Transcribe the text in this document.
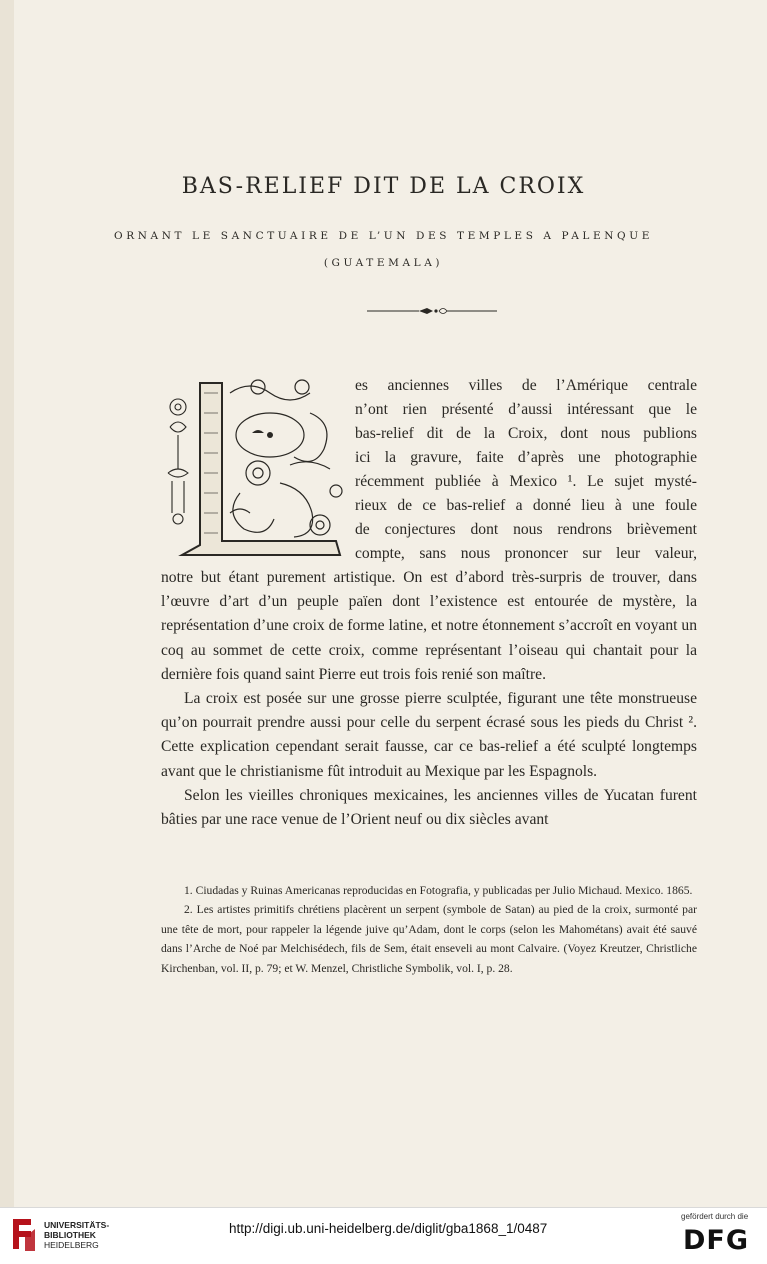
BAS-RELIEF DIT DE LA CROIX
ORNANT LE SANCTUAIRE DE L’UN DES TEMPLES A PALENQUE
(GUATEMALA)
es anciennes villes de l’Amérique centrale
n’ont rien présenté d’aussi intéressant que le
bas-relief dit de la Croix, dont nous publions
ici la gravure, faite d’après une photographie
récemment publiée à Mexico ¹. Le sujet mysté-
rieux de ce bas-relief a donné lieu à une foule
de conjectures dont nous rendrons brièvement
compte, sans nous prononcer sur leur valeur,

notre but étant purement artistique. On est d’abord très-surpris de trouver, dans l’œuvre d’art d’un peuple païen dont l’existence est entourée de mystère, la représentation d’une croix de forme latine, et notre étonnement s’accroît en voyant un coq au sommet de cette croix, comme représentant l’oiseau qui chantait pour la dernière fois quand saint Pierre eut trois fois renié son maître.

La croix est posée sur une grosse pierre sculptée, figurant une tête monstrueuse qu’on pourrait prendre aussi pour celle du serpent écrasé sous les pieds du Christ ². Cette explication cependant serait fausse, car ce bas-relief a été sculpté longtemps avant que le christianisme fût introduit au Mexique par les Espagnols.

Selon les vieilles chroniques mexicaines, les anciennes villes de Yucatan furent bâties par une race venue de l’Orient neuf ou dix siècles avant

1. Ciudadas y Ruinas Americanas reproducidas en Fotografia, y publicadas per Julio Michaud. Mexico. 1865.

2. Les artistes primitifs chrétiens placèrent un serpent (symbole de Satan) au pied de la croix, surmonté par une tête de mort, pour rappeler la légende juive qu’Adam, dont le corps (selon les Mahométans) avait été sauvé dans l’Arche de Noé par Melchisédech, fils de Sem, était enseveli au mont Calvaire. (Voyez Kreutzer, Christliche Kirchenban, vol. II, p. 79; et W. Menzel, Christliche Symbolik, vol. I, p. 28.

UNIVERSITÄTS-
BIBLIOTHEK
HEIDELBERG
http://digi.ub.uni-heidelberg.de/diglit/gba1868_1/0487
gefördert durch die
DFG
